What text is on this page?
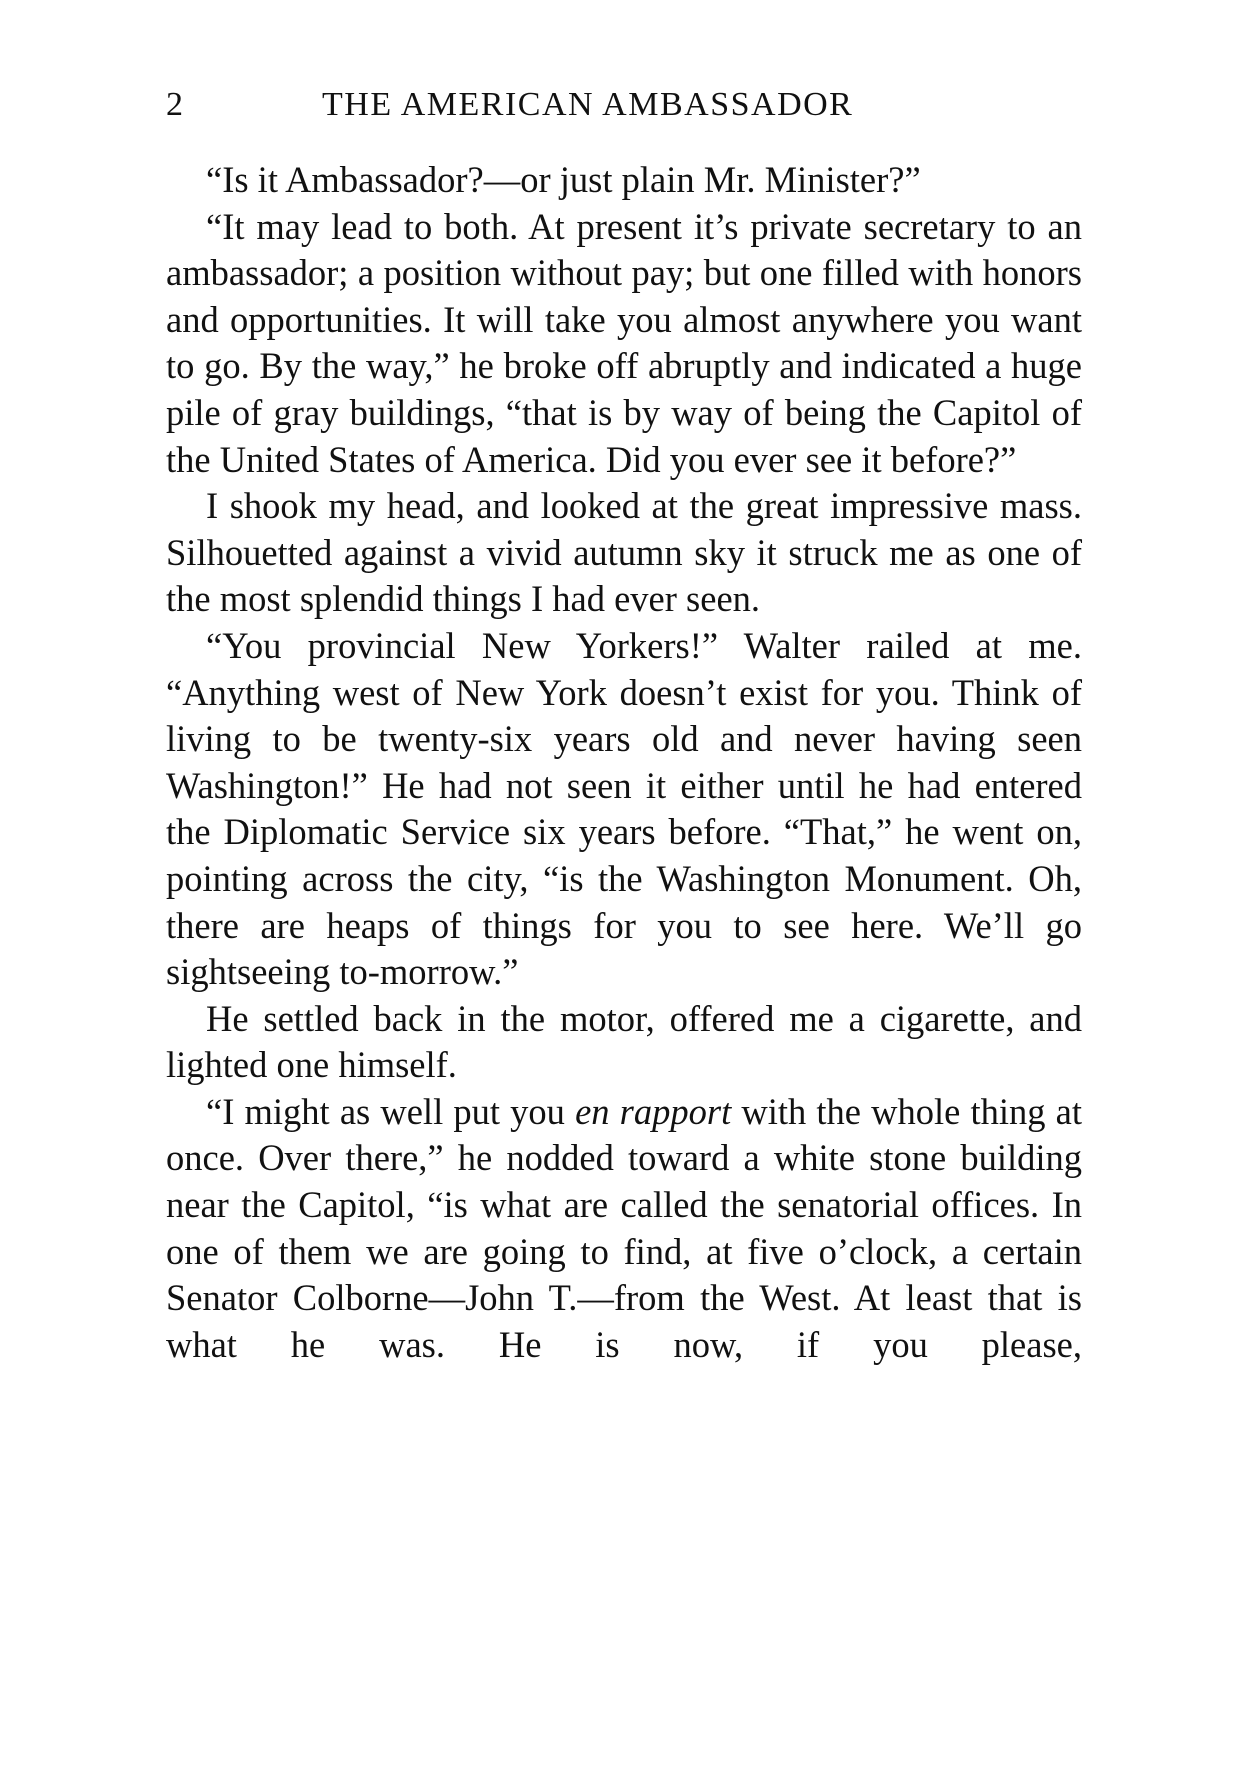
2	THE AMERICAN AMBASSADOR

“Is it Ambassador?—or just plain Mr. Minister?”

“It may lead to both. At present it’s private secretary to an ambassador; a position without pay; but one filled with honors and opportunities. It will take you almost anywhere you want to go. By the way,” he broke off abruptly and indicated a huge pile of gray buildings, “that is by way of being the Capitol of the United States of America. Did you ever see it before?”

I shook my head, and looked at the great impressive mass. Silhouetted against a vivid autumn sky it struck me as one of the most splendid things I had ever seen.

“You provincial New Yorkers!” Walter railed at me. “Anything west of New York doesn’t exist for you. Think of living to be twenty-six years old and never having seen Washington!” He had not seen it either until he had entered the Diplomatic Service six years before. “That,” he went on, pointing across the city, “is the Washington Monument. Oh, there are heaps of things for you to see here. We’ll go sightseeing to-morrow.”

He settled back in the motor, offered me a cigarette, and lighted one himself.

“I might as well put you en rapport with the whole thing at once. Over there,” he nodded toward a white stone building near the Capitol, “is what are called the senatorial offices. In one of them we are going to find, at five o’clock, a certain Senator Colborne—John T.—from the West. At least that is what he was. He is now, if you please,
